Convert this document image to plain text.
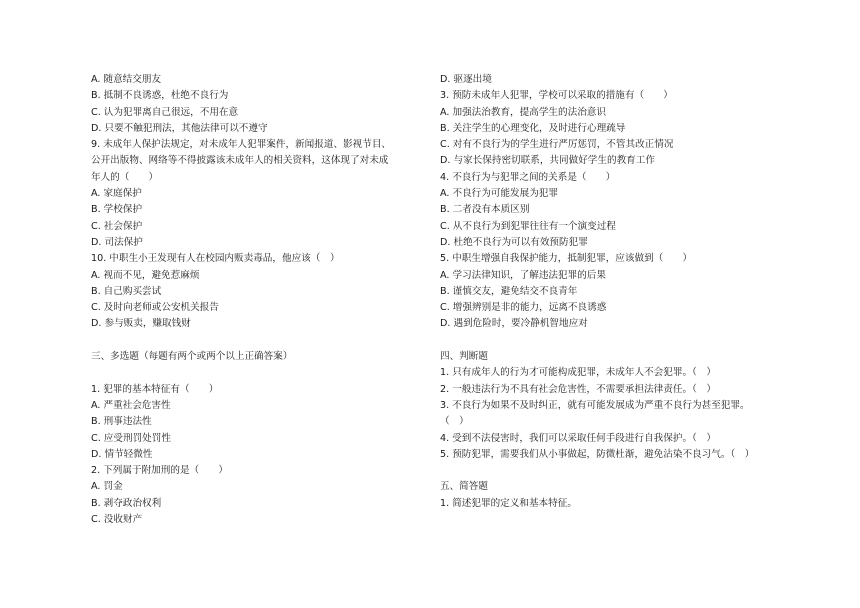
A. 随意结交朋友
B. 抵制不良诱惑，杜绝不良行为
C. 认为犯罪离自己很远，不用在意
D. 只要不触犯刑法，其他法律可以不遵守
9. 未成年人保护法规定，对未成年人犯罪案件，新闻报道、影视节目、
公开出版物、网络等不得披露该未成年人的相关资料，这体现了对未成
年人的（　　）
A. 家庭保护
B. 学校保护
C. 社会保护
D. 司法保护
10. 中职生小王发现有人在校园内贩卖毒品，他应该（　）
A. 视而不见，避免惹麻烦
B. 自己购买尝试
C. 及时向老师或公安机关报告
D. 参与贩卖，赚取钱财
三、多选题（每题有两个或两个以上正确答案）
1. 犯罪的基本特征有（　　）
A. 严重社会危害性
B. 刑事违法性
C. 应受刑罚处罚性
D. 情节轻微性
2. 下列属于附加刑的是（　　）
A. 罚金
B. 剥夺政治权利
C. 没收财产
D. 驱逐出境
3. 预防未成年人犯罪，学校可以采取的措施有（　　）
A. 加强法治教育，提高学生的法治意识
B. 关注学生的心理变化，及时进行心理疏导
C. 对有不良行为的学生进行严厉惩罚，不管其改正情况
D. 与家长保持密切联系，共同做好学生的教育工作
4. 不良行为与犯罪之间的关系是（　　）
A. 不良行为可能发展为犯罪
B. 二者没有本质区别
C. 从不良行为到犯罪往往有一个演变过程
D. 杜绝不良行为可以有效预防犯罪
5. 中职生增强自我保护能力，抵制犯罪，应该做到（　　）
A. 学习法律知识，了解违法犯罪的后果
B. 谨慎交友，避免结交不良青年
C. 增强辨别是非的能力，远离不良诱惑
D. 遇到危险时，要冷静机智地应对
四、判断题
1. 只有成年人的行为才可能构成犯罪，未成年人不会犯罪。（　）
2. 一般违法行为不具有社会危害性，不需要承担法律责任。（　）
3. 不良行为如果不及时纠正，就有可能发展成为严重不良行为甚至犯罪。
（　）
4. 受到不法侵害时，我们可以采取任何手段进行自我保护。（　）
5. 预防犯罪，需要我们从小事做起，防微杜渐，避免沾染不良习气。（　）
五、简答题
1. 简述犯罪的定义和基本特征。
